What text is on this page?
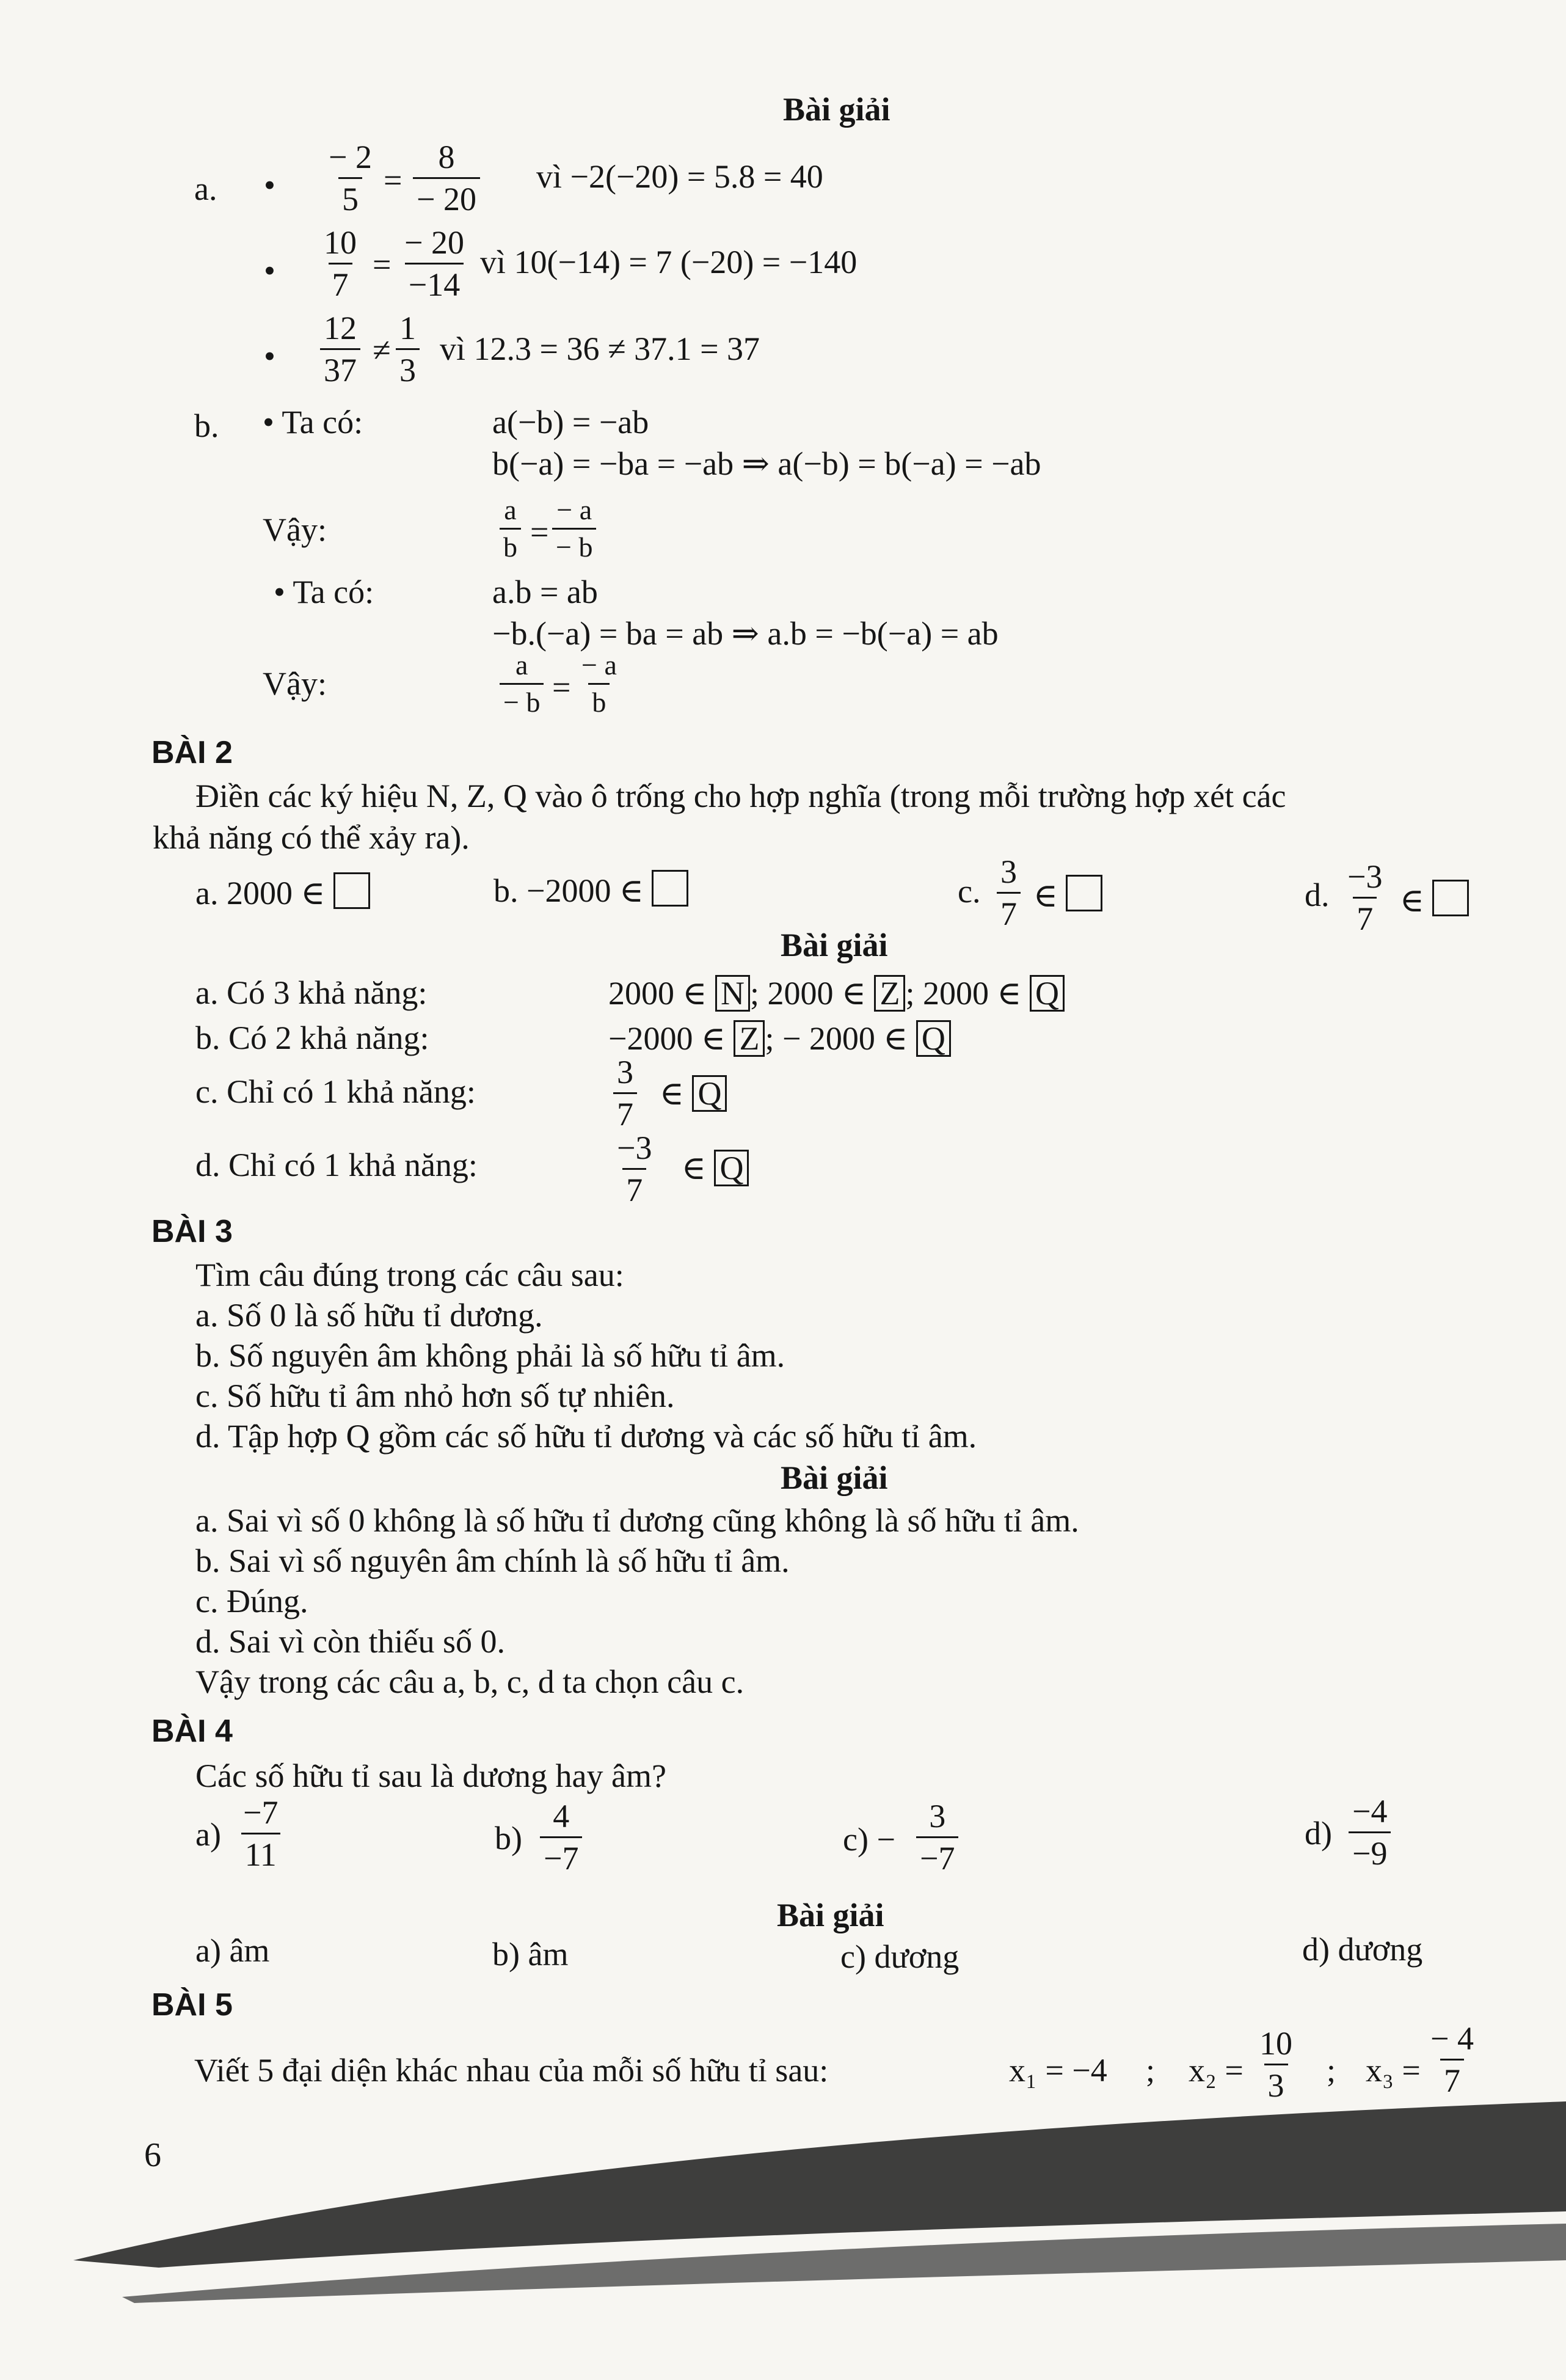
Bài giải
a. • $\frac{- 2}{5} = \frac{8}{- 20}$ vì −2(−20) = 5.8 = 40
• $\frac{10}{7} = \frac{- 20}{-14}$ vì 10(−14) = 7 (−20) = −140
• $\frac{12}{37} \ne \frac{1}{3}$ vì 12.3 = 36 ≠ 37.1 = 37
b. • Ta có:	a(−b) = −ab
b(−a) = −ba = −ab ⇒ a(−b) = b(−a) = −ab
Vậy:	$\frac{a}{b} = \frac{- a}{- b}$
• Ta có:	a.b = ab
−b.(−a) = ba = ab ⇒ a.b = −b(−a) = ab
Vậy:	$\frac{a}{- b} = \frac{- a}{b}$
BÀI 2
Điền các ký hiệu N, Z, Q vào ô trống cho hợp nghĩa (trong mỗi trường hợp xét các
khả năng có thể xảy ra).
a. 2000 ∈	b. −2000 ∈	c. $\frac{3}{7}$ ∈	d. $\frac{-3}{7}$ ∈
Bài giải
a. Có 3 khả năng:	2000 ∈ N ; 2000 ∈ Z ; 2000 ∈ Q
b. Có 2 khả năng:	−2000 ∈ Z ; − 2000 ∈ Q
c. Chỉ có 1 khả năng:	$\frac{3}{7}$ ∈ Q
d. Chỉ có 1 khả năng:	$\frac{-3}{7}$ ∈ Q
BÀI 3
Tìm câu đúng trong các câu sau:
a. Số 0 là số hữu tỉ dương.
b. Số nguyên âm không phải là số hữu tỉ âm.
c. Số hữu tỉ âm nhỏ hơn số tự nhiên.
d. Tập hợp Q gồm các số hữu tỉ dương và các số hữu tỉ âm.
Bài giải
a. Sai vì số 0 không là số hữu tỉ dương cũng không là số hữu tỉ âm.
b. Sai vì số nguyên âm chính là số hữu tỉ âm.
c. Đúng.
d. Sai vì còn thiếu số 0.
Vậy trong các câu a, b, c, d ta chọn câu c.
BÀI 4
Các số hữu tỉ sau là dương hay âm?
$a) \frac{-7}{11}$	$b) \frac{4}{-7}$	$c) - \frac{3}{-7}$	$d) \frac{-4}{-9}$
Bài giải
a) âm	b) âm	c) dương	d) dương
BÀI 5
Viết 5 đại diện khác nhau của mỗi số hữu tỉ sau:	x₁ = −4 ; $x_2 = \frac{10}{3}$ ; $x_3 = \frac{- 4}{7}$
6
